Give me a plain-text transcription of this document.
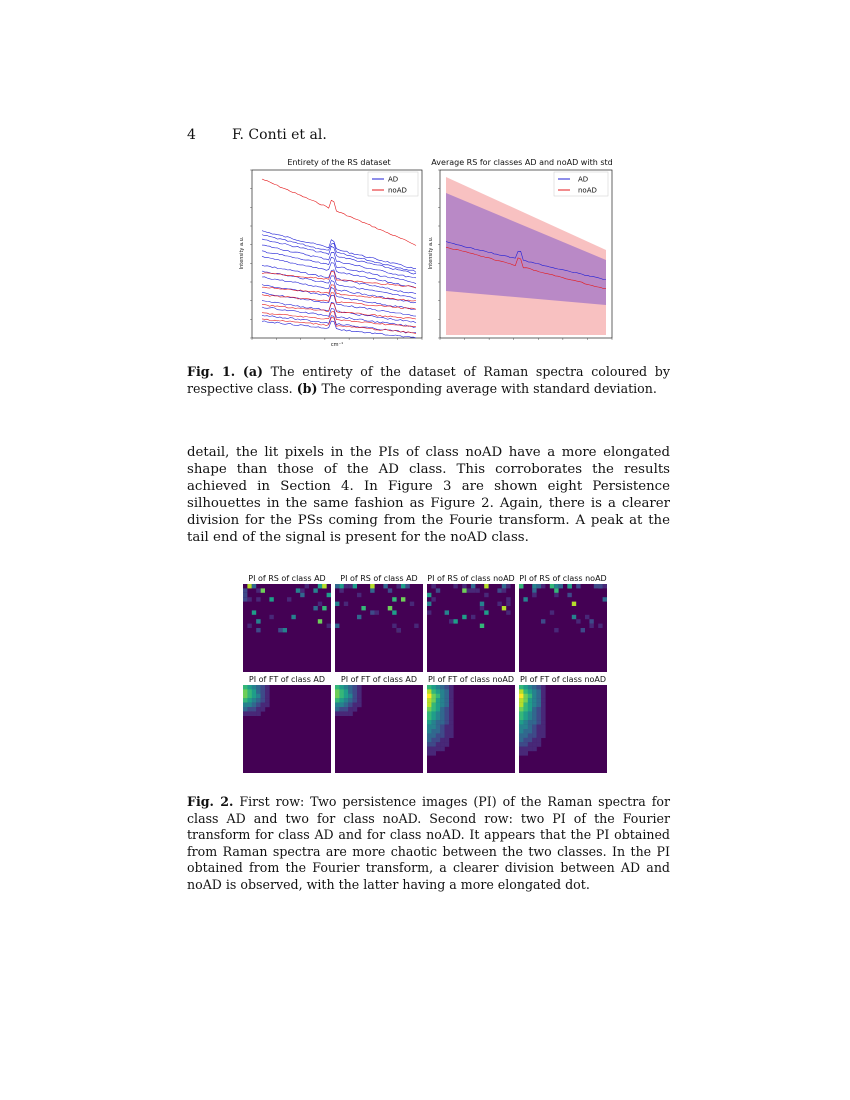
4	F. Conti et al.
Entirety of the RS dataset
Intensity a.u.
cm⁻¹
AD
noAD
Average RS for classes AD and noAD with std
Intensity a.u.
AD
noAD
Fig. 1. (a) The entirety of the dataset of Raman spectra coloured by respective class. (b) The corresponding average with standard deviation.
detail, the lit pixels in the PIs of class noAD have a more elongated shape than those of the AD class. This corroborates the results achieved in Section 4. In Figure 3 are shown eight Persistence silhouettes in the same fashion as Figure 2. Again, there is a clearer division for the PSs coming from the Fourie transform. A peak at the tail end of the signal is present for the noAD class.
PI of RS of class AD PI of RS of class AD PI of RS of class noAD PI of RS of class noAD
PI of FT of class AD PI of FT of class AD PI of FT of class noAD PI of FT of class noAD
Fig. 2. First row: Two persistence images (PI) of the Raman spectra for class AD and two for class noAD. Second row: two PI of the Fourier transform for class AD and for class noAD. It appears that the PI obtained from Raman spectra are more chaotic between the two classes. In the PI obtained from the Fourier transform, a clearer division between AD and noAD is observed, with the latter having a more elongated dot.
